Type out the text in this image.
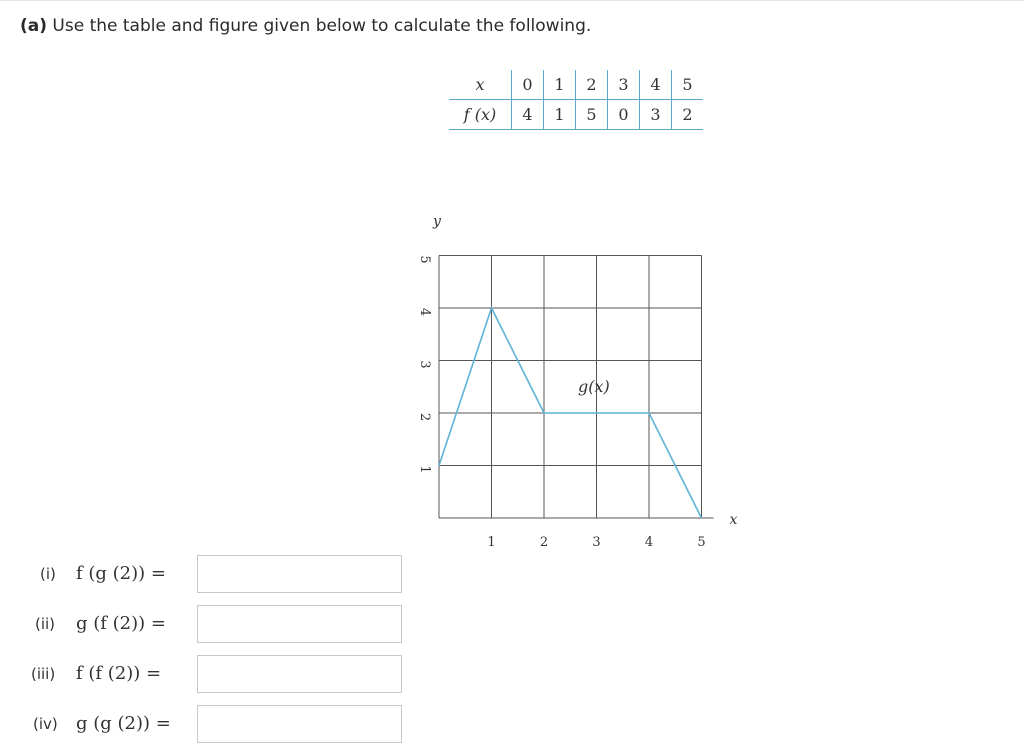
(a) Use the table and figure given below to calculate the following.
x	0	1	2	3	4	5
f (x)	4	1	5	0	3	2
1	2	3	4	5
1
2
3
4
5
y
x
g(x)
(i) f (g (2)) =
(ii) g (f (2)) =
(iii) f (f (2)) =
(iv) g (g (2)) =
